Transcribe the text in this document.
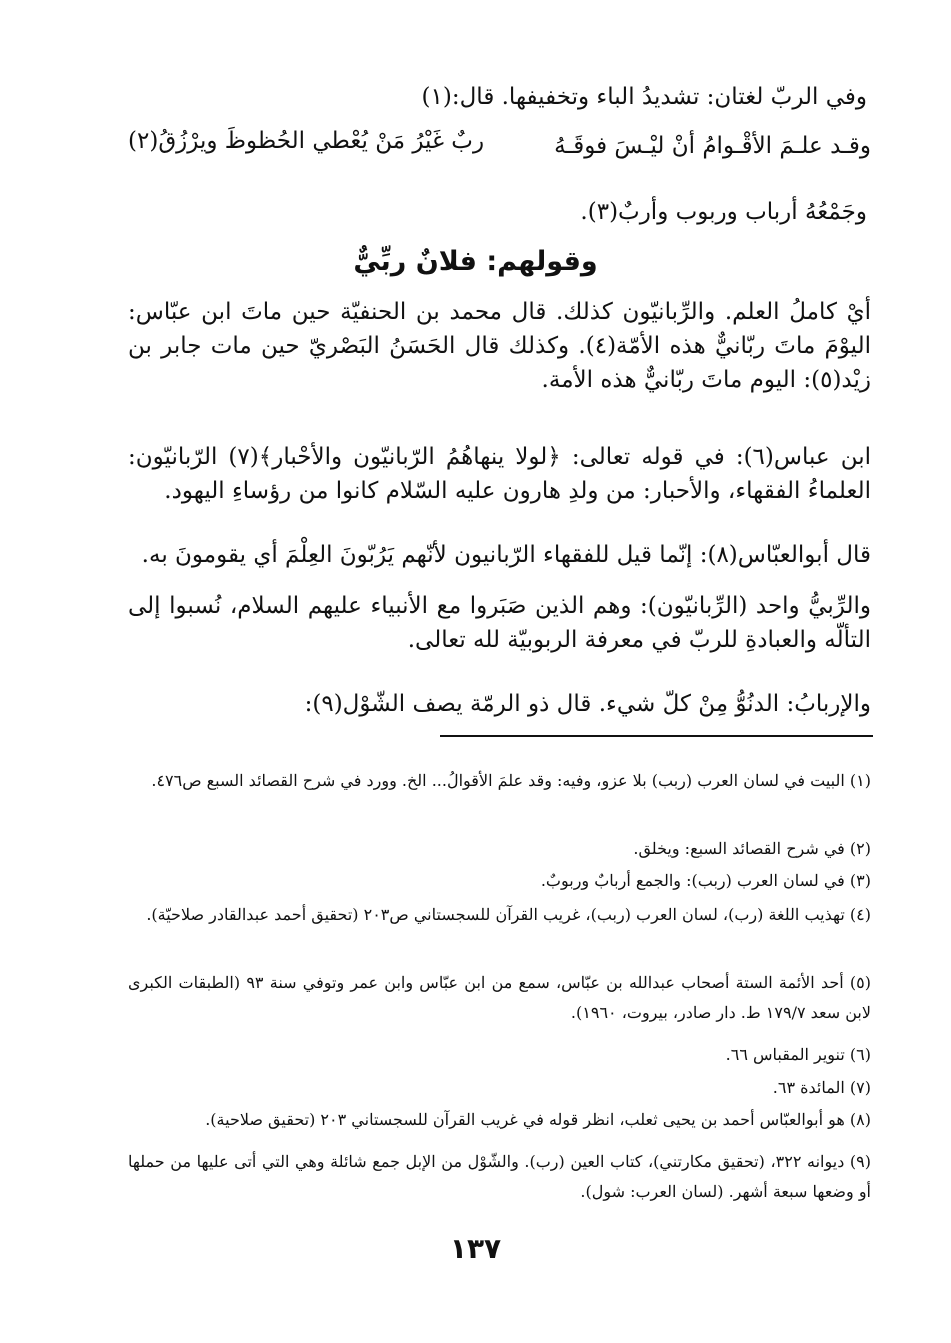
وفي الربّ لغتان: تشديدُ الباء وتخفيفها. قال:(١)
وقـد علـمَ الأقْـوامُ أنْ ليْـسَ فوقَـهُ
ربٌ غَيْرُ مَنْ يُعْطي الحُظوظَ ويرْزُقُ(٢)
وجَمْعُهُ أرباب وربوب وأربٌ(٣).
وقولهم: فلانٌ ربِّيٌّ
أيْ كاملُ العلم. والرِّبانيّون كذلك. قال محمد بن الحنفيّة حين ماتَ ابن عبّاس: اليوْمَ ماتَ ربّانيٌّ هذه الأمّة(٤). وكذلك قال الحَسَنُ البَصْريّ حين مات جابر بن زيْد(٥): اليوم ماتَ ربّانيٌّ هذه الأمة.
ابن عباس(٦): في قوله تعالى: ﴿لولا ينهاهُمُ الرّبانيّون والأحْبار﴾(٧) الرّبانيّون: العلماءُ الفقهاء، والأحبار: من ولدِ هارون عليه السّلام كانوا من رؤساءِ اليهود.
قال أبوالعبّاس(٨): إنّما قيل للفقهاء الرّبانيون لأنّهم يَرُبّونَ العِلْمَ أي يقومونَ به.
والرِّبيُّ واحد (الرِّبانيّون): وهم الذين صَبَروا مع الأنبياء عليهم السلام، نُسبوا إلى التألّه والعبادةِ للربّ في معرفة الربوبيّة لله تعالى.
والإربابُ: الدنُوُّ مِنْ كلّ شيء. قال ذو الرمّة يصف الشّوْل(٩):
(١) البيت في لسان العرب (ربب) بلا عزو، وفيه: وقد علمَ الأقوالُ... الخ. وورد في شرح القصائد السبع ص٤٧٦.
(٢) في شرح القصائد السبع: ويخلق.
(٣) في لسان العرب (ربب): والجمع أربابٌ وربوبٌ.
(٤) تهذيب اللغة (رب)، لسان العرب (ربب)، غريب القرآن للسجستاني ص٢٠٣ (تحقيق أحمد عبدالقادر صلاحيّة).
(٥) أحد الأئمة الستة أصحاب عبدالله بن عبّاس، سمع من ابن عبّاس وابن عمر وتوفي سنة ٩٣ (الطبقات الكبرى لابن سعد ١٧٩/٧ ط. دار صادر، بيروت، ١٩٦٠).
(٦) تنوير المقباس ٦٦.
(٧) المائدة ٦٣.
(٨) هو أبوالعبّاس أحمد بن يحيى ثعلب، انظر قوله في غريب القرآن للسجستاني ٢٠٣ (تحقيق صلاحية).
(٩) ديوانه ٣٢٢، (تحقيق مكارتني)، كتاب العين (رب). والشّوْل من الإبل جمع شائلة وهي التي أتى عليها من حملها أو وضعها سبعة أشهر. (لسان العرب: شول).
١٣٧
